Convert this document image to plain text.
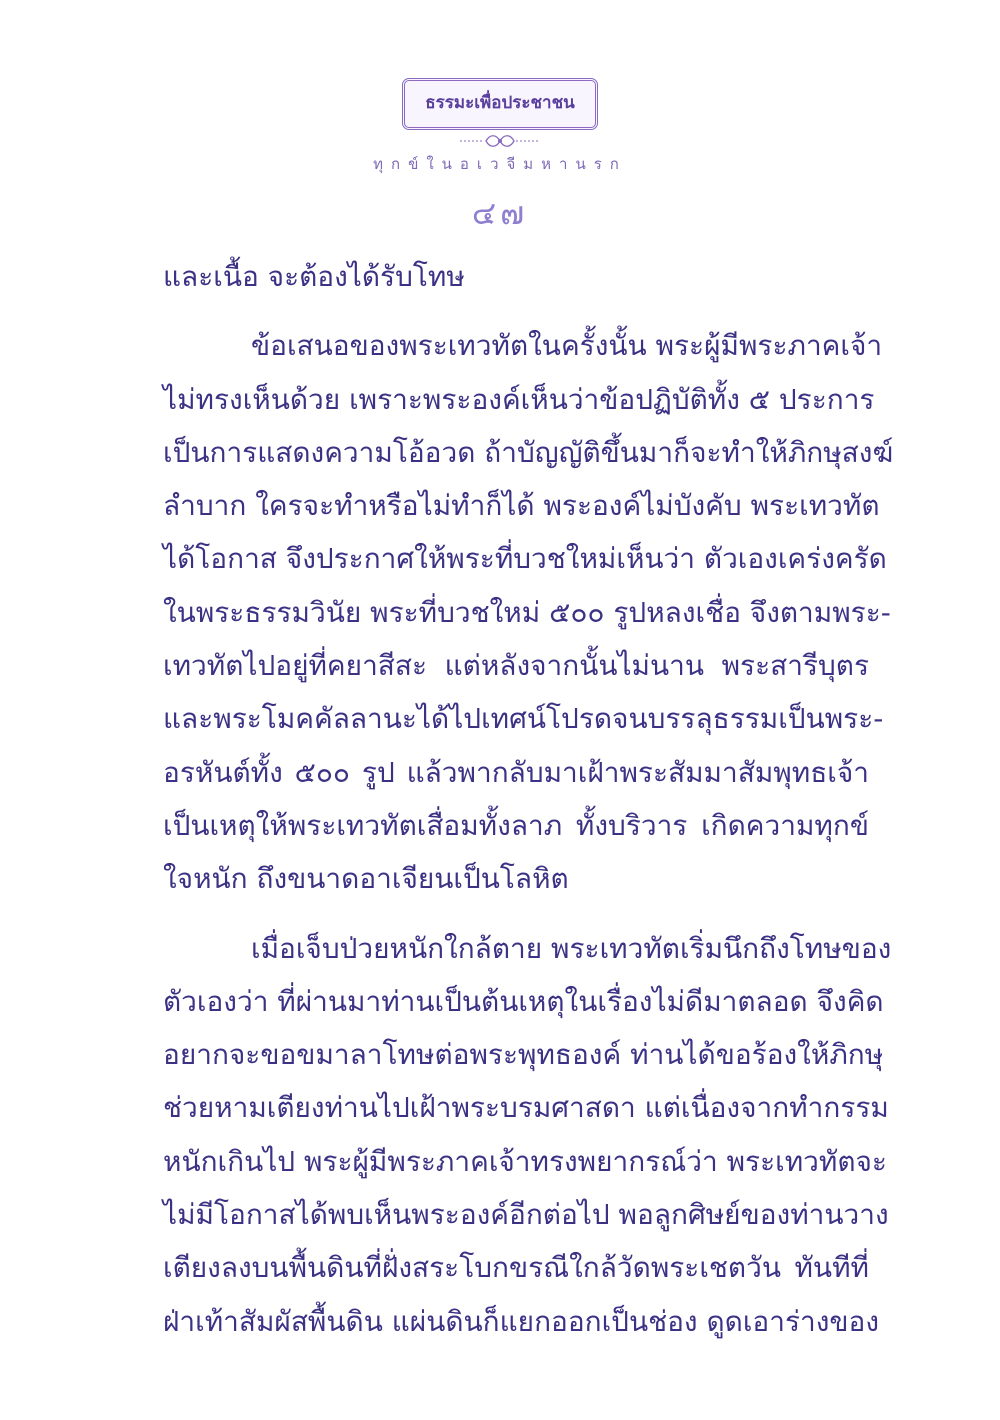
ธรรมะเพื่อประชาชน
ทุกข์ในอเวจีมหานรก
๔๗
และเนื้อ จะต้องได้รับโทษ
ข้อเสนอของพระเทวทัตในครั้งนั้น พระผู้มีพระภาคเจ้า
ไม่ทรงเห็นด้วย เพราะพระองค์เห็นว่าข้อปฏิบัติทั้ง ๕ ประการ
เป็นการแสดงความโอ้อวด ถ้าบัญญัติขึ้นมาก็จะทำให้ภิกษุสงฆ์
ลำบาก ใครจะทำหรือไม่ทำก็ได้ พระองค์ไม่บังคับ พระเทวทัต
ได้โอกาส จึงประกาศให้พระที่บวชใหม่เห็นว่า ตัวเองเคร่งครัด
ในพระธรรมวินัย พระที่บวชใหม่ ๕๐๐ รูปหลงเชื่อ จึงตามพระ-
เทวทัตไปอยู่ที่คยาสีสะ แต่หลังจากนั้นไม่นาน พระสารีบุตร
และพระโมคคัลลานะได้ไปเทศน์โปรดจนบรรลุธรรมเป็นพระ-
อรหันต์ทั้ง ๕๐๐ รูป แล้วพากลับมาเฝ้าพระสัมมาสัมพุทธเจ้า
เป็นเหตุให้พระเทวทัตเสื่อมทั้งลาภ ทั้งบริวาร เกิดความทุกข์
ใจหนัก ถึงขนาดอาเจียนเป็นโลหิต
เมื่อเจ็บป่วยหนักใกล้ตาย พระเทวทัตเริ่มนึกถึงโทษของ
ตัวเองว่า ที่ผ่านมาท่านเป็นต้นเหตุในเรื่องไม่ดีมาตลอด จึงคิด
อยากจะขอขมาลาโทษต่อพระพุทธองค์ ท่านได้ขอร้องให้ภิกษุ
ช่วยหามเตียงท่านไปเฝ้าพระบรมศาสดา แต่เนื่องจากทำกรรม
หนักเกินไป พระผู้มีพระภาคเจ้าทรงพยากรณ์ว่า พระเทวทัตจะ
ไม่มีโอกาสได้พบเห็นพระองค์อีกต่อไป พอลูกศิษย์ของท่านวาง
เตียงลงบนพื้นดินที่ฝั่งสระโบกขรณีใกล้วัดพระเชตวัน ทันทีที่
ฝ่าเท้าสัมผัสพื้นดิน แผ่นดินก็แยกออกเป็นช่อง ดูดเอาร่างของ
